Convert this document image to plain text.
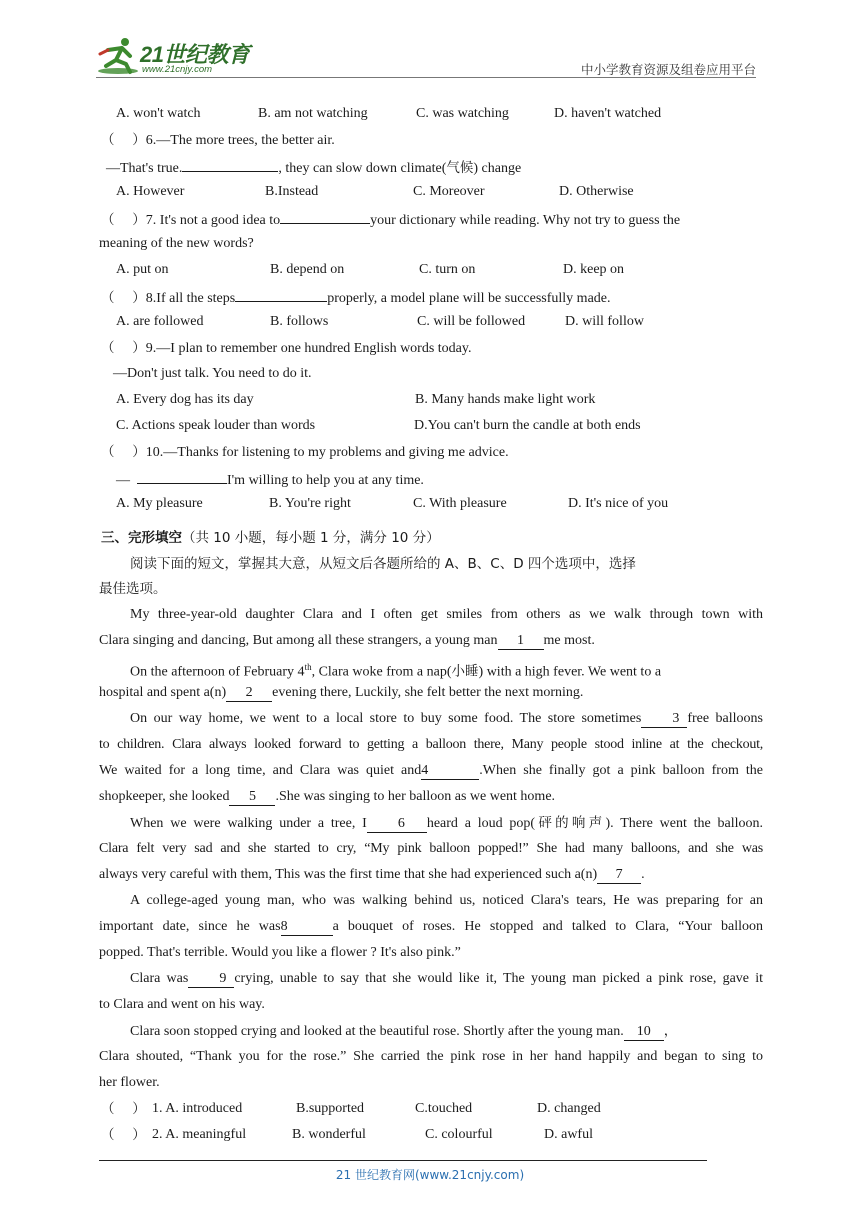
21世纪教育
www.21cnjy.com	中小学教育资源及组卷应用平台
A. won't watch	B. am not watching	C. was watching	D. haven't watched
（　 ）6.—The more trees, the better air.
—That's true.	, they can slow down climate(气候) change
A. However	B.Instead	C. Moreover	D. Otherwise
（　 ）7. It's not a good idea to	your dictionary while reading. Why not try to guess the
meaning of the new words?
A. put on	B. depend on	C. turn on	D. keep on
（　 ）8.If all the steps	properly, a model plane will be successfully made.
A. are followed	B. follows	C. will be followed	D. will follow
（　 ）9.—I plan to remember one hundred English words today.
—Don't just talk. You need to do it.
A. Every dog has its day	B. Many hands make light work
C. Actions speak louder than words	D.You can't burn the candle at both ends
（　 ）10.—Thanks for listening to my problems and giving me advice.
—	I'm willing to help you at any time.
A. My pleasure	B. You're right	C. With pleasure	D. It's nice of you
三、完形填空（共 10 小题，每小题 1 分，满分 10 分）
阅读下面的短文，掌握其大意，从短文后各题所给的 A、B、C、D 四个选项中，选择
最佳选项。
My three-year-old daughter Clara and I often get smiles from others as we walk through town with
Clara singing and dancing, But among all these strangers, a young man 1 me most.
On the afternoon of February 4th, Clara woke from a nap(小睡) with a high fever. We went to a
hospital and spent a(n) 2 evening there, Luckily, she felt better the next morning.
On our way home, we went to a local store to buy some food. The store sometimes 3 free balloons
to children. Clara always looked forward to getting a balloon there, Many people stood inline at the checkout,
We waited for a long time, and Clara was quiet and4	.When she finally got a pink balloon from the
shopkeeper, she looked 5 .She was singing to her balloon as we went home.
When we were walking under a tree, I 6 heard a loud pop(砰的响声). There went the balloon.
Clara felt very sad and she started to cry, “My pink balloon popped!” She had many balloons, and she was
always very careful with them, This was the first time that she had experienced such a(n) 7 .
A college-aged young man, who was walking behind us, noticed Clara's tears, He was preparing for an
important date, since he was8	a bouquet of roses. He stopped and talked to Clara, “Your balloon
popped. That's terrible. Would you like a flower ? It's also pink.”
Clara was 9 crying, unable to say that she would like it, The young man picked a pink rose, gave it
to Clara and went on his way.
Clara soon stopped crying and looked at the beautiful rose. Shortly after the young man. 10 ，
Clara shouted, “Thank you for the rose.” She carried the pink rose in her hand happily and began to sing to
her flower.
（　 ） 1. A. introduced	B.supported	C.touched	D. changed
（　 ） 2. A. meaningful	B. wonderful	C. colourful	D. awful
21 世纪教育网(www.21cnjy.com)
